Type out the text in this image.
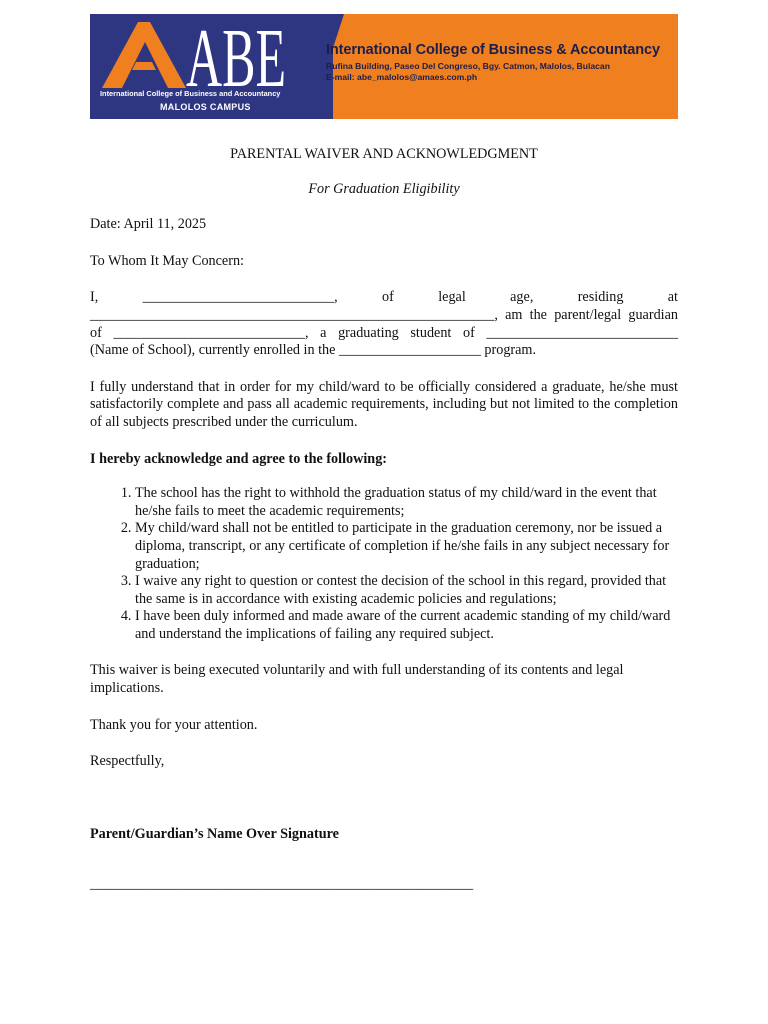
ABE
International College of Business and Accountancy
MALOLOS CAMPUS
International College of Business & Accountancy
Rufina Building, Paseo Del Congreso, Bgy. Catmon, Malolos, Bulacan
E-mail: abe_malolos@amaes.com.ph
PARENTAL WAIVER AND ACKNOWLEDGMENT
For Graduation Eligibility
Date: April 11, 2025
To Whom It May Concern:
I, ___________________________, of legal age, residing at
_________________________________________________________, am the parent/legal guardian
of ___________________________, a graduating student of ___________________________
(Name of School), currently enrolled in the ____________________ program.
I fully understand that in order for my child/ward to be officially considered a graduate, he/she must satisfactorily complete and pass all academic requirements, including but not limited to the completion of all subjects prescribed under the curriculum.
I hereby acknowledge and agree to the following:
1. The school has the right to withhold the graduation status of my child/ward in the event that he/she fails to meet the academic requirements;
2. My child/ward shall not be entitled to participate in the graduation ceremony, nor be issued a diploma, transcript, or any certificate of completion if he/she fails in any subject necessary for graduation;
3. I waive any right to question or contest the decision of the school in this regard, provided that the same is in accordance with existing academic policies and regulations;
4. I have been duly informed and made aware of the current academic standing of my child/ward and understand the implications of failing any required subject.
This waiver is being executed voluntarily and with full understanding of its contents and legal implications.
Thank you for your attention.
Respectfully,
Parent/Guardian’s Name Over Signature
______________________________________________________
